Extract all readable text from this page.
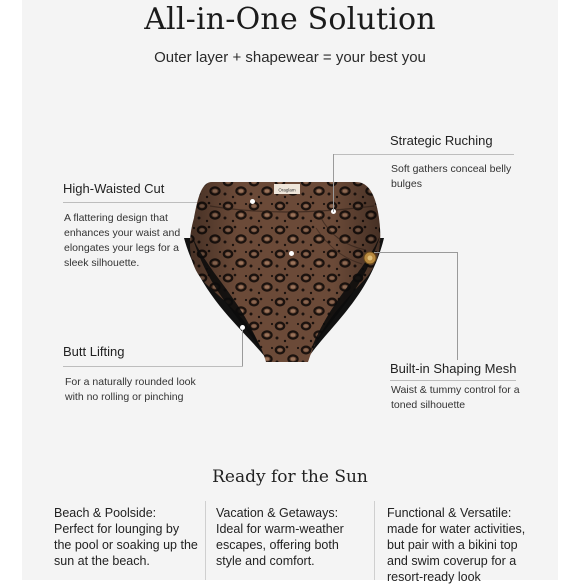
All-in-One Solution
Outer layer + shapewear = your best you
High-Waisted Cut
A flattering design that enhances your waist and elongates your legs for a sleek silhouette.
Butt Lifting
For a naturally rounded look with no rolling or pinching
Strategic Ruching
Soft gathers conceal belly bulges
Built-in Shaping Mesh
Waist & tummy control for a toned silhouette
Oraglam
Ready for the Sun
Beach & Poolside: Perfect for lounging by the pool or soaking up the sun at the beach.
Vacation & Getaways: Ideal for warm-weather escapes, offering both style and comfort.
Functional & Versatile: made for water activities, but pair with a bikini top and swim coverup for a resort-ready look
